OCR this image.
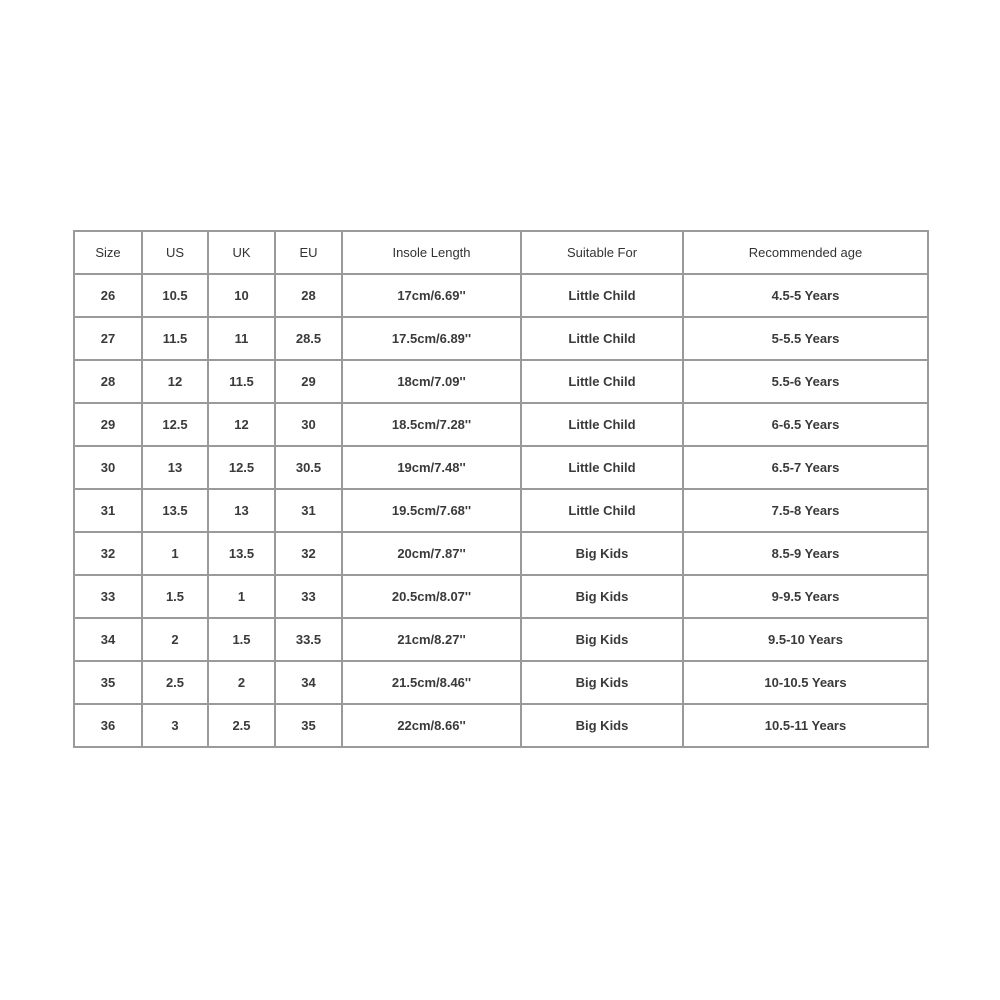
Size	US	UK	EU	Insole Length	Suitable For	Recommended age
26	10.5	10	28	17cm/6.69''	Little Child	4.5-5 Years
27	11.5	11	28.5	17.5cm/6.89''	Little Child	5-5.5 Years
28	12	11.5	29	18cm/7.09''	Little Child	5.5-6 Years
29	12.5	12	30	18.5cm/7.28''	Little Child	6-6.5 Years
30	13	12.5	30.5	19cm/7.48''	Little Child	6.5-7 Years
31	13.5	13	31	19.5cm/7.68''	Little Child	7.5-8 Years
32	1	13.5	32	20cm/7.87''	Big Kids	8.5-9 Years
33	1.5	1	33	20.5cm/8.07''	Big Kids	9-9.5 Years
34	2	1.5	33.5	21cm/8.27''	Big Kids	9.5-10 Years
35	2.5	2	34	21.5cm/8.46''	Big Kids	10-10.5 Years
36	3	2.5	35	22cm/8.66''	Big Kids	10.5-11 Years
